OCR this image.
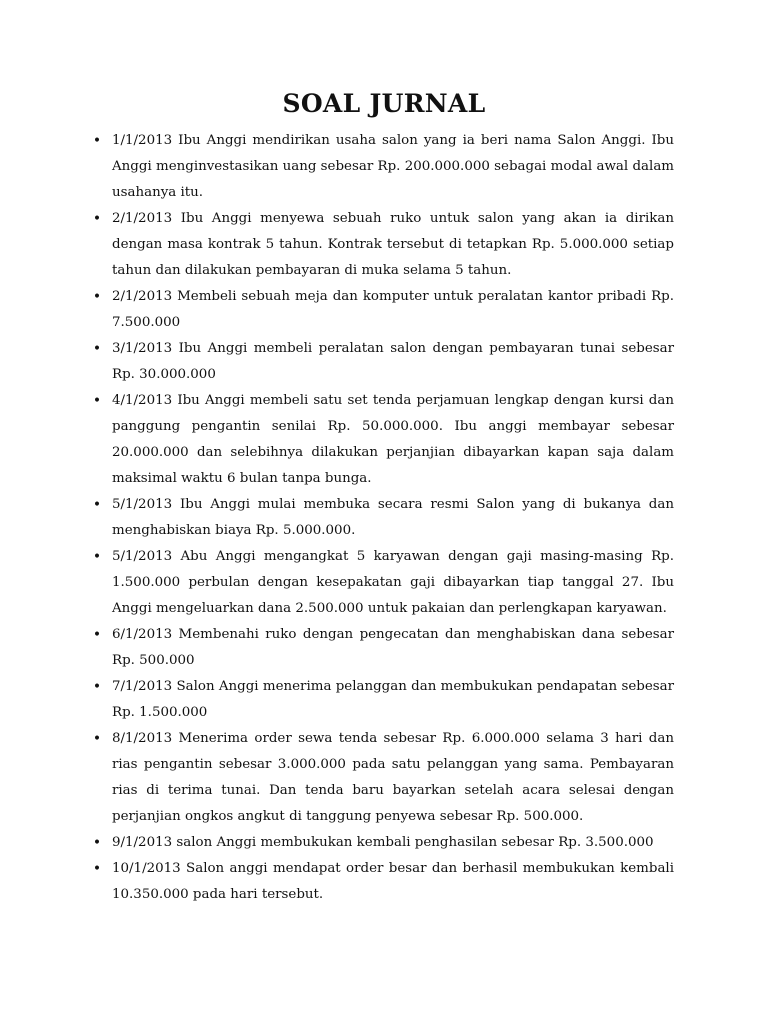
SOAL JURNAL
• 1/1/2013 Ibu Anggi mendirikan usaha salon yang ia beri nama Salon Anggi. Ibu Anggi menginvestasikan uang sebesar Rp. 200.000.000 sebagai modal awal dalam usahanya itu.
• 2/1/2013 Ibu Anggi menyewa sebuah ruko untuk salon yang akan ia dirikan dengan masa kontrak 5 tahun. Kontrak tersebut di tetapkan Rp. 5.000.000 setiap tahun dan dilakukan pembayaran di muka selama 5 tahun.
• 2/1/2013 Membeli sebuah meja dan komputer untuk peralatan kantor pribadi Rp. 7.500.000
• 3/1/2013 Ibu Anggi membeli peralatan salon dengan pembayaran tunai sebesar Rp. 30.000.000
• 4/1/2013 Ibu Anggi membeli satu set tenda perjamuan lengkap dengan kursi dan panggung pengantin senilai Rp. 50.000.000. Ibu anggi membayar sebesar 20.000.000 dan selebihnya dilakukan perjanjian dibayarkan kapan saja dalam maksimal waktu 6 bulan tanpa bunga.
• 5/1/2013 Ibu Anggi mulai membuka secara resmi Salon yang di bukanya dan menghabiskan biaya Rp. 5.000.000.
• 5/1/2013 Abu Anggi mengangkat 5 karyawan dengan gaji masing-masing Rp. 1.500.000 perbulan dengan kesepakatan gaji dibayarkan tiap tanggal 27. Ibu Anggi mengeluarkan dana 2.500.000 untuk pakaian dan perlengkapan karyawan.
• 6/1/2013 Membenahi ruko dengan pengecatan dan menghabiskan dana sebesar Rp. 500.000
• 7/1/2013 Salon Anggi menerima pelanggan dan membukukan pendapatan sebesar Rp. 1.500.000
• 8/1/2013 Menerima order sewa tenda sebesar Rp. 6.000.000 selama 3 hari dan rias pengantin sebesar 3.000.000 pada satu pelanggan yang sama. Pembayaran rias di terima tunai. Dan tenda baru bayarkan setelah acara selesai dengan perjanjian ongkos angkut di tanggung penyewa sebesar Rp. 500.000.
• 9/1/2013 salon Anggi membukukan kembali penghasilan sebesar Rp. 3.500.000
• 10/1/2013 Salon anggi mendapat order besar dan berhasil membukukan kembali 10.350.000 pada hari tersebut.
